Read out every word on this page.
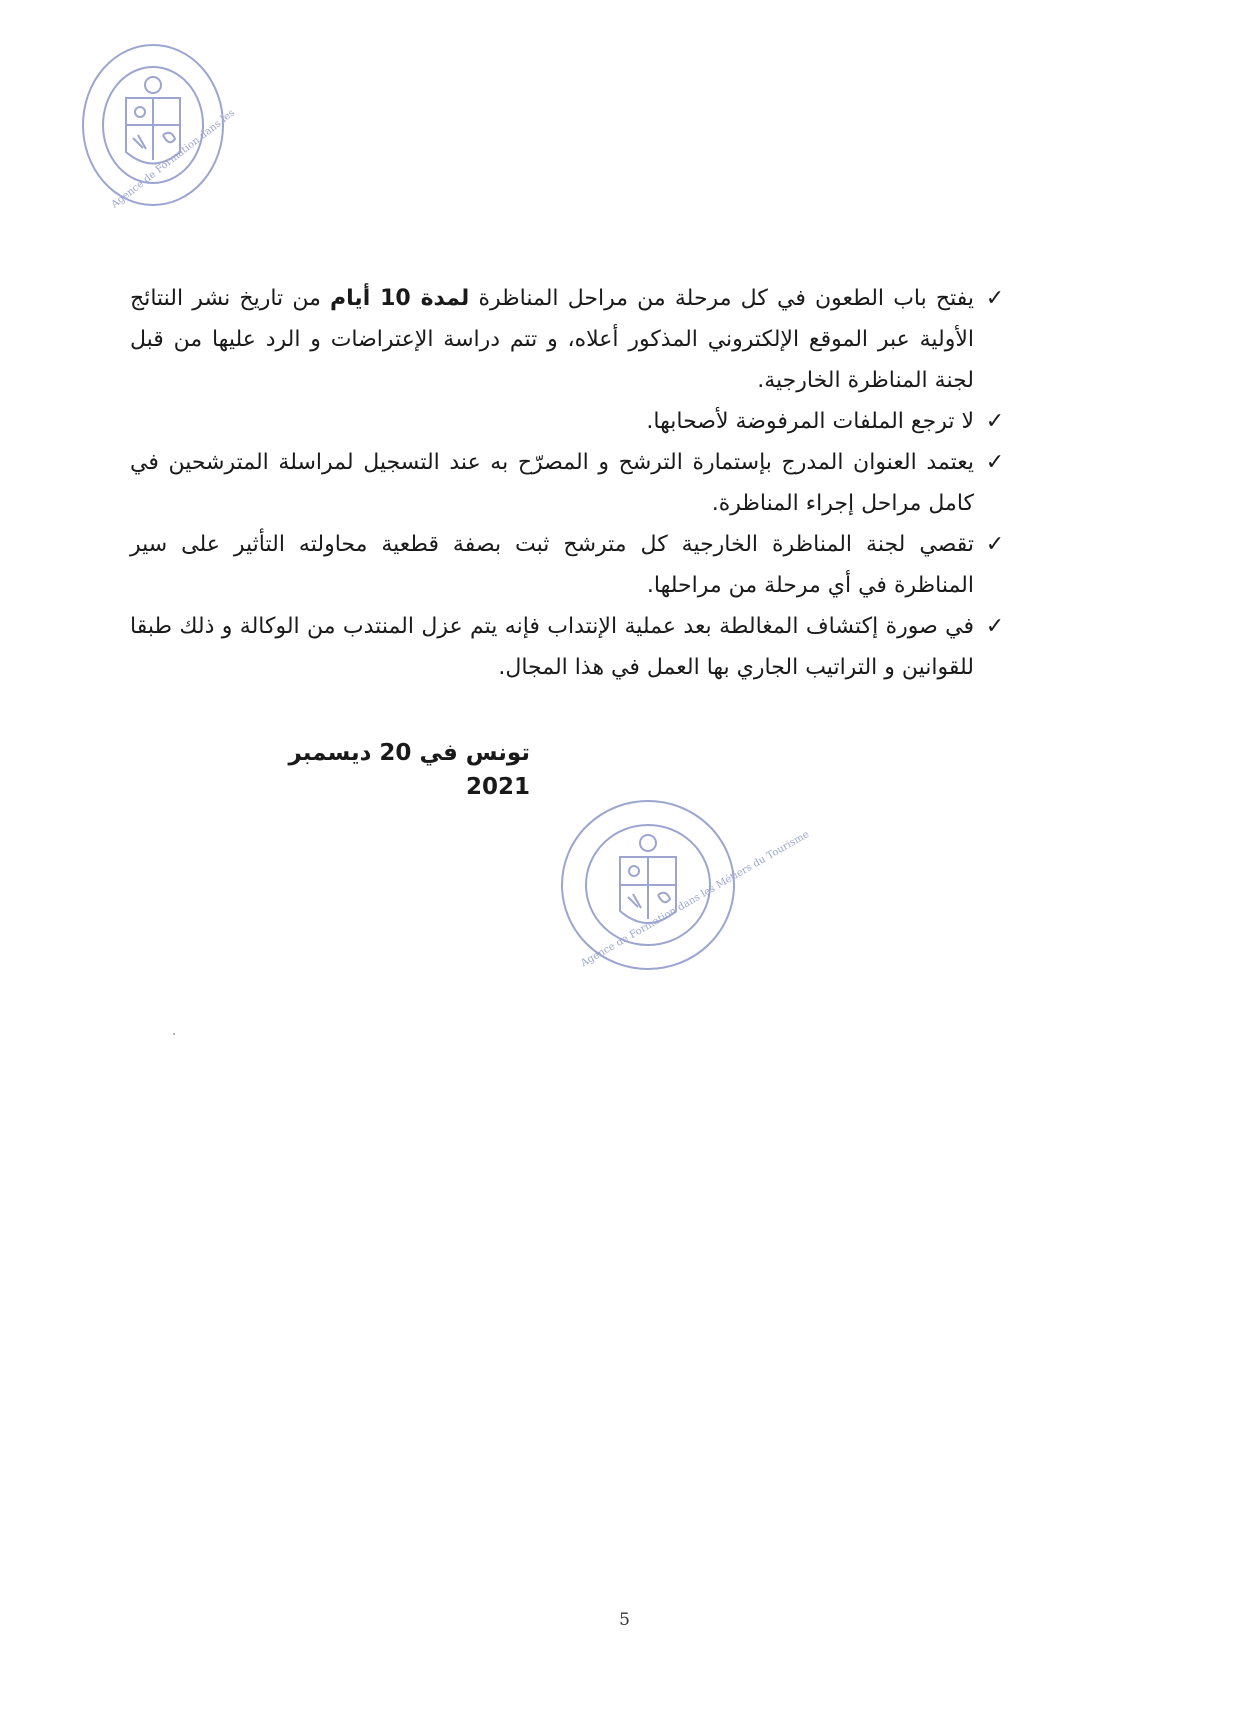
Agence de Formation dans les

✓
يفتح باب الطعون في كل مرحلة من مراحل المناظرة لمدة 10 أيام من تاريخ نشر النتائج الأولية عبر الموقع الإلكتروني المذكور أعلاه، و تتم دراسة الإعتراضات و الرد عليها من قبل لجنة المناظرة الخارجية.

✓
لا ترجع الملفات المرفوضة لأصحابها.

✓
يعتمد العنوان المدرج بإستمارة الترشح و المصرّح به عند التسجيل لمراسلة المترشحين في كامل مراحل إجراء المناظرة.

✓
تقصي لجنة المناظرة الخارجية كل مترشح ثبت بصفة قطعية محاولته التأثير على سير المناظرة في أي مرحلة من مراحلها.

✓
في صورة إكتشاف المغالطة بعد عملية الإنتداب فإنه يتم عزل المنتدب من الوكالة و ذلك طبقا للقوانين و التراتيب الجاري بها العمل في هذا المجال.

تونس في 20 ديسمبر 2021
Agence de Formation dans les Métiers du Tourisme
5
